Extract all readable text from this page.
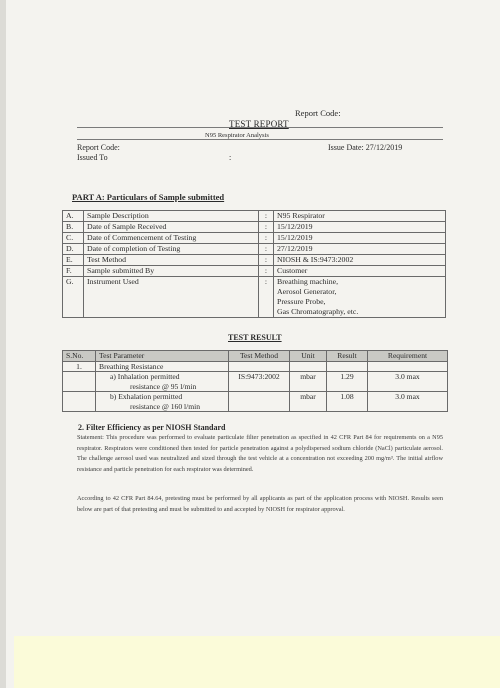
Report Code:
TEST REPORT
N95 Respirator Analysis
Report Code:	Issue Date: 27/12/2019
Issued To	:
PART A: Particulars of Sample submitted
A.	Sample Description	:	N95 Respirator
B.	Date of Sample Received	:	15/12/2019
C.	Date of Commencement of Testing	:	15/12/2019
D.	Date of completion of Testing	:	27/12/2019
E.	Test Method	:	NIOSH & IS:9473:2002
F.	Sample submitted By	:	Customer
G.	Instrument Used	:	Breathing machine,
Aerosol Generator,
Pressure Probe,
Gas Chromatography, etc.
TEST RESULT
S.No.	Test Parameter	Test Method	Unit	Result	Requirement
1.	Breathing Resistance				

	a) Inhalation permitted
resistance @ 95 l/min	IS:9473:2002	mbar	1.29	3.0 max

	b) Exhalation permitted
resistance @ 160 l/min		mbar	1.08	3.0 max
2. Filter Efficiency as per NIOSH Standard
Statement: This procedure was performed to evaluate particulate filter penetration as specified in 42 CFR Part 84 for requirements on a N95 respirator. Respirators were conditioned then tested for particle penetration against a polydispersed sodium chloride (NaCl) particulate aerosol. The challenge aerosol used was neutralized and sized through the test vehicle at a concentration not exceeding 200 mg/m³. The initial airflow resistance and particle penetration for each respirator was determined.
According to 42 CFR Part 84.64, pretesting must be performed by all applicants as part of the application process with NIOSH. Results seen below are part of that pretesting and must be submitted to and accepted by NIOSH for respirator approval.
